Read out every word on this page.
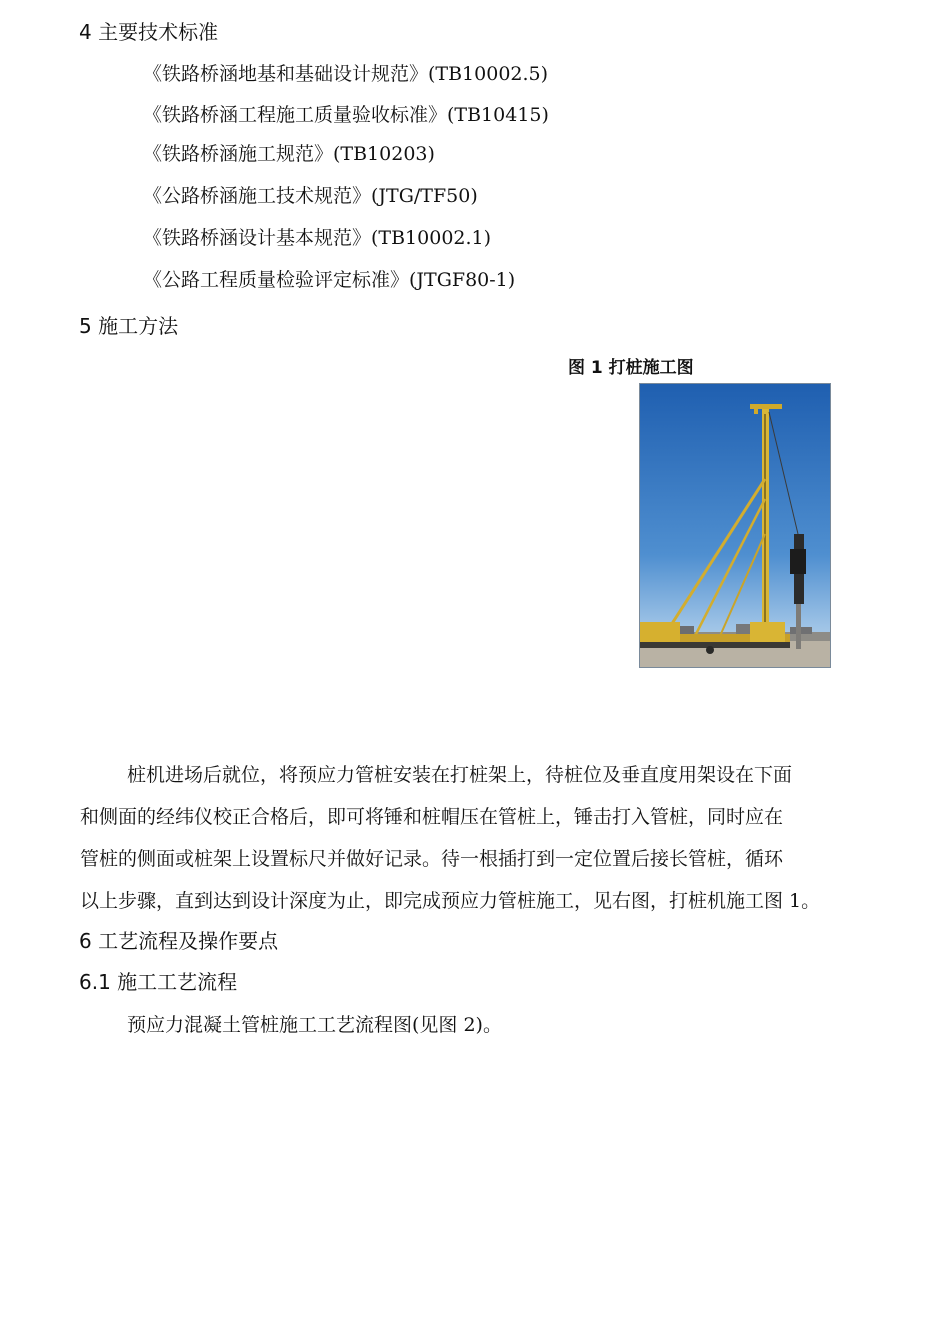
4 主要技术标准
《铁路桥涵地基和基础设计规范》(TB10002.5)
《铁路桥涵工程施工质量验收标准》(TB10415)
《铁路桥涵施工规范》(TB10203)
《公路桥涵施工技术规范》(JTG/TF50)
《铁路桥涵设计基本规范》(TB10002.1)
《公路工程质量检验评定标准》(JTGF80-1)
5 施工方法
图 1 打桩施工图
桩机进场后就位，将预应力管桩安装在打桩架上，待桩位及垂直度用架设在下面
和侧面的经纬仪校正合格后，即可将锤和桩帽压在管桩上，锤击打入管桩，同时应在
管桩的侧面或桩架上设置标尺并做好记录。待一根插打到一定位置后接长管桩，循环
以上步骤，直到达到设计深度为止，即完成预应力管桩施工，见右图，打桩机施工图 1。
6 工艺流程及操作要点
6.1 施工工艺流程
预应力混凝土管桩施工工艺流程图(见图 2)。
